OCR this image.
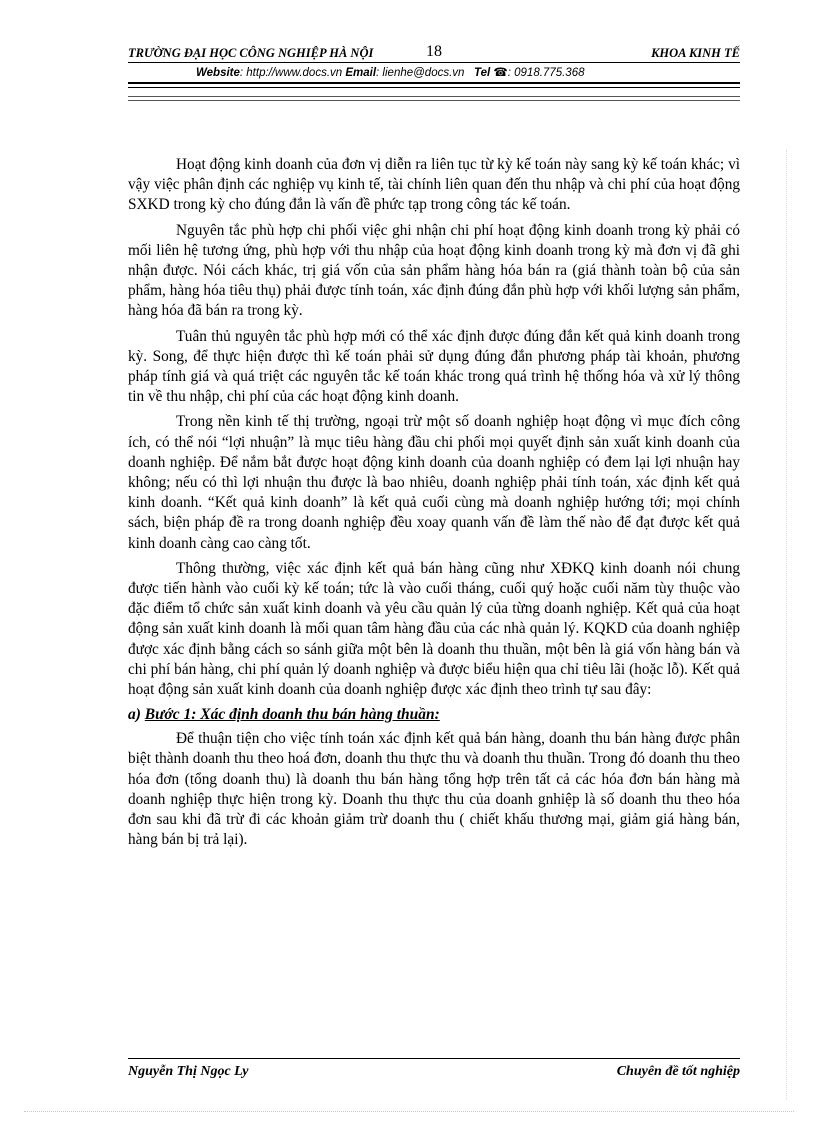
TRƯỜNG ĐẠI HỌC CÔNG NGHIỆP HÀ NỘI	18	KHOA KINH TẾ
Website: http://www.docs.vn Email: lienhe@docs.vn Tel ☎: 0918.775.368

Hoạt động kinh doanh của đơn vị diễn ra liên tục từ kỳ kế toán này sang kỳ kế toán khác; vì vậy việc phân định các nghiệp vụ kinh tế, tài chính liên quan đến thu nhập và chi phí của hoạt động SXKD trong kỳ cho đúng đắn là vấn đề phức tạp trong công tác kế toán.

Nguyên tắc phù hợp chi phối việc ghi nhận chi phí hoạt động kinh doanh trong kỳ phải có mối liên hệ tương ứng, phù hợp với thu nhập của hoạt động kinh doanh trong kỳ mà đơn vị đã ghi nhận được. Nói cách khác, trị giá vốn của sản phẩm hàng hóa bán ra (giá thành toàn bộ của sản phẩm, hàng hóa tiêu thụ) phải được tính toán, xác định đúng đắn phù hợp với khối lượng sản phẩm, hàng hóa đã bán ra trong kỳ.

Tuân thủ nguyên tắc phù hợp mới có thể xác định được đúng đắn kết quả kinh doanh trong kỳ. Song, để thực hiện được thì kế toán phải sử dụng đúng đắn phương pháp tài khoản, phương pháp tính giá và quá triệt các nguyên tắc kế toán khác trong quá trình hệ thống hóa và xử lý thông tin về thu nhập, chi phí của các hoạt động kinh doanh.

Trong nền kinh tế thị trường, ngoại trừ một số doanh nghiệp hoạt động vì mục đích công ích, có thể nói “lợi nhuận” là mục tiêu hàng đầu chi phối mọi quyết định sản xuất kinh doanh của doanh nghiệp. Để nắm bắt được hoạt động kinh doanh của doanh nghiệp có đem lại lợi nhuận hay không; nếu có thì lợi nhuận thu được là bao nhiêu, doanh nghiệp phải tính toán, xác định kết quả kinh doanh. “Kết quả kinh doanh” là kết quả cuối cùng mà doanh nghiệp hướng tới; mọi chính sách, biện pháp đề ra trong doanh nghiệp đều xoay quanh vấn đề làm thế nào để đạt được kết quả kinh doanh càng cao càng tốt.

Thông thường, việc xác định kết quả bán hàng cũng như XĐKQ kinh doanh nói chung được tiến hành vào cuối kỳ kế toán; tức là vào cuối tháng, cuối quý hoặc cuối năm tùy thuộc vào đặc điểm tổ chức sản xuất kinh doanh và yêu cầu quản lý của từng doanh nghiệp. Kết quả của hoạt động sản xuất kinh doanh là mối quan tâm hàng đầu của các nhà quản lý. KQKD của doanh nghiệp được xác định bằng cách so sánh giữa một bên là doanh thu thuần, một bên là giá vốn hàng bán và chi phí bán hàng, chi phí quản lý doanh nghiệp và được biểu hiện qua chỉ tiêu lãi (hoặc lỗ). Kết quả hoạt động sản xuất kinh doanh của doanh nghiệp được xác định theo trình tự sau đây:

a) Bước 1: Xác định doanh thu bán hàng thuần:

Để thuận tiện cho việc tính toán xác định kết quả bán hàng, doanh thu bán hàng được phân biệt thành doanh thu theo hoá đơn, doanh thu thực thu và doanh thu thuần. Trong đó doanh thu theo hóa đơn (tổng doanh thu) là doanh thu bán hàng tổng hợp trên tất cả các hóa đơn bán hàng mà doanh nghiệp thực hiện trong kỳ. Doanh thu thực thu của doanh gnhiệp là số doanh thu theo hóa đơn sau khi đã trừ đi các khoản giảm trừ doanh thu ( chiết khấu thương mại, giảm giá hàng bán, hàng bán bị trả lại).

Nguyễn Thị Ngọc Ly	Chuyên đề tốt nghiệp
